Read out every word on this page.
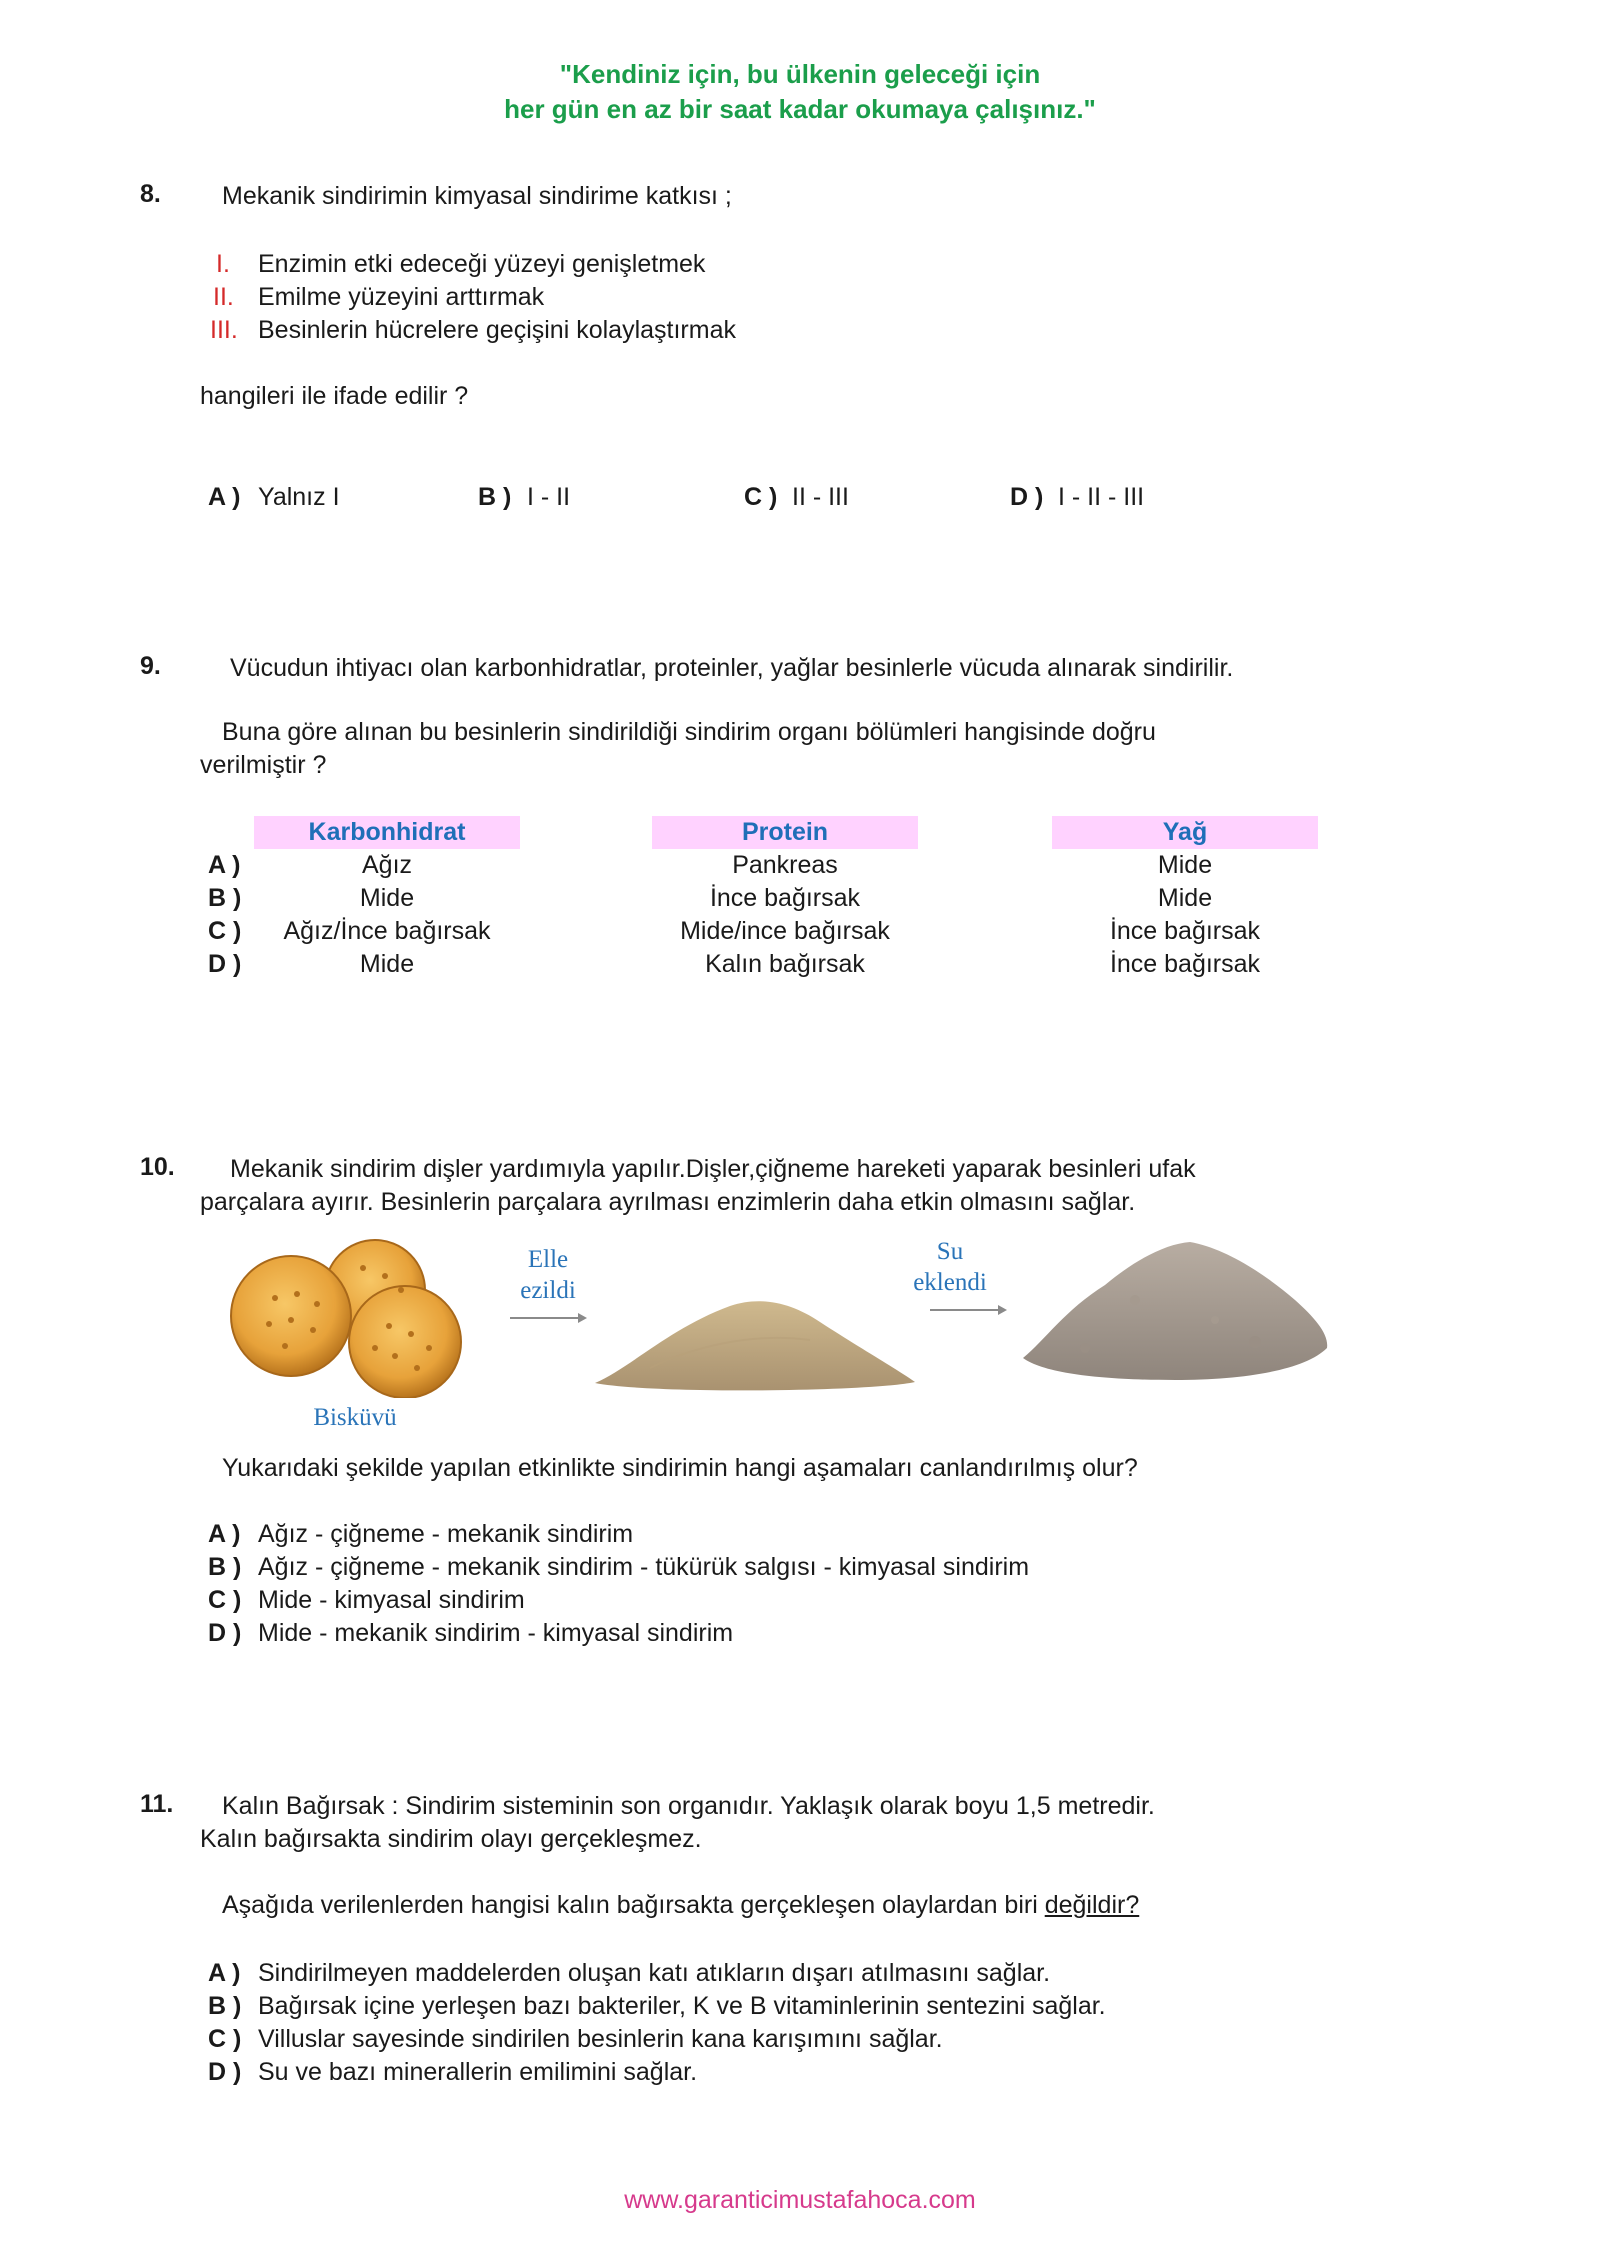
"Kendiniz için, bu ülkenin geleceği için
her gün en az bir saat kadar okumaya çalışınız."
8. Mekanik sindirimin kimyasal sindirime katkısı ;
I. Enzimin etki edeceği yüzeyi genişletmek
II. Emilme yüzeyini arttırmak
III. Besinlerin hücrelere geçişini kolaylaştırmak
hangileri ile ifade edilir ?
A ) Yalnız I	B ) I - II	C ) II - III	D ) I - II - III
9.	Vücudun ihtiyacı olan karbonhidratlar, proteinler, yağlar besinlerle vücuda alınarak sindirilir.
Buna göre alınan bu besinlerin sindirildiği sindirim organı bölümleri hangisinde doğru
verilmiştir ?
Karbonhidrat	Protein	Yağ
A )	Ağız	Pankreas	Mide
B )	Mide	İnce bağırsak	Mide
C )	Ağız/İnce bağırsak	Mide/ince bağırsak	İnce bağırsak
D )	Mide	Kalın bağırsak	İnce bağırsak
10. Mekanik sindirim dişler yardımıyla yapılır.Dişler,çiğneme hareketi yaparak besinleri ufak
parçalara ayırır. Besinlerin parçalara ayrılması enzimlerin daha etkin olmasını sağlar.
Elle
ezildi
Su
eklendi
Bisküvü
Yukarıdaki şekilde yapılan etkinlikte sindirimin hangi aşamaları canlandırılmış olur?
A ) Ağız - çiğneme - mekanik sindirim
B ) Ağız - çiğneme - mekanik sindirim - tükürük salgısı - kimyasal sindirim
C ) Mide - kimyasal sindirim
D ) Mide - mekanik sindirim - kimyasal sindirim
11. Kalın Bağırsak : Sindirim sisteminin son organıdır. Yaklaşık olarak boyu 1,5 metredir.
Kalın bağırsakta sindirim olayı gerçekleşmez.
Aşağıda verilenlerden hangisi kalın bağırsakta gerçekleşen olaylardan biri değildir?
A ) Sindirilmeyen maddelerden oluşan katı atıkların dışarı atılmasını sağlar.
B ) Bağırsak içine yerleşen bazı bakteriler, K ve B vitaminlerinin sentezini sağlar.
C ) Villuslar sayesinde sindirilen besinlerin kana karışımını sağlar.
D ) Su ve bazı minerallerin emilimini sağlar.
www.garanticimustafahoca.com
